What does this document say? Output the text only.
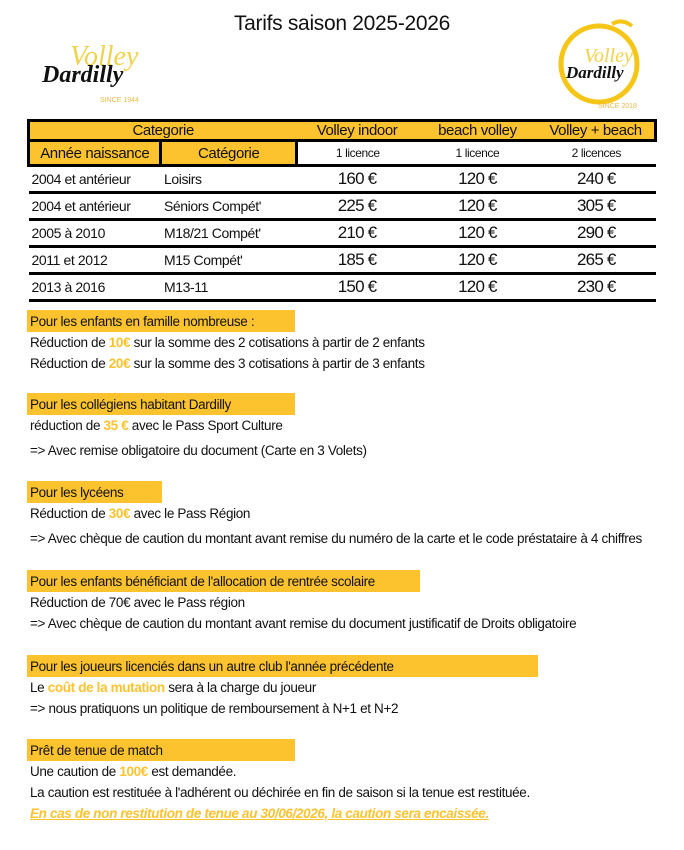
Volley
Dardilly
SINCE 1944
Volley
Dardilly
SINCE 2018
Tarifs saison 2025-2026
Categorie		Volley indoor	beach volley	Volley + beach
Année naissance	Catégorie	1 licence	1 licence	2 licences
2004 et antérieur	Loisirs	160 €	120 €	240 €
2004 et antérieur	Séniors Compét'	225 €	120 €	305 €
2005 à 2010	M18/21 Compét'	210 €	120 €	290 €
2011 et 2012	M15 Compét'	185 €	120 €	265 €
2013 à 2016	M13-11	150 €	120 €	230 €
Pour les enfants en famille nombreuse :
Réduction de 10€ sur la somme des 2 cotisations à partir de 2 enfants
Réduction de 20€ sur la somme des 3 cotisations à partir de 3 enfants
Pour les collégiens habitant Dardilly
réduction de 35 € avec le Pass Sport Culture
=> Avec remise obligatoire du document (Carte en 3 Volets)
Pour les lycéens
Réduction de 30€ avec le Pass Région
=> Avec chèque de caution du montant avant remise du numéro de la carte et le code préstataire à 4 chiffres
Pour les enfants bénéficiant de l'allocation de rentrée scolaire
Réduction de 70€ avec le Pass région
=> Avec chèque de caution du montant avant remise du document justificatif de Droits obligatoire
Pour les joueurs licenciés dans un autre club l'année précédente
Le coût de la mutation sera à la charge du joueur
=> nous pratiquons un politique de remboursement à N+1 et N+2
Prêt de tenue de match
Une caution de 100€ est demandée.
La caution est restituée à l'adhérent ou déchirée en fin de saison si la tenue est restituée.
En cas de non restitution de tenue au 30/06/2026, la caution sera encaissée.
